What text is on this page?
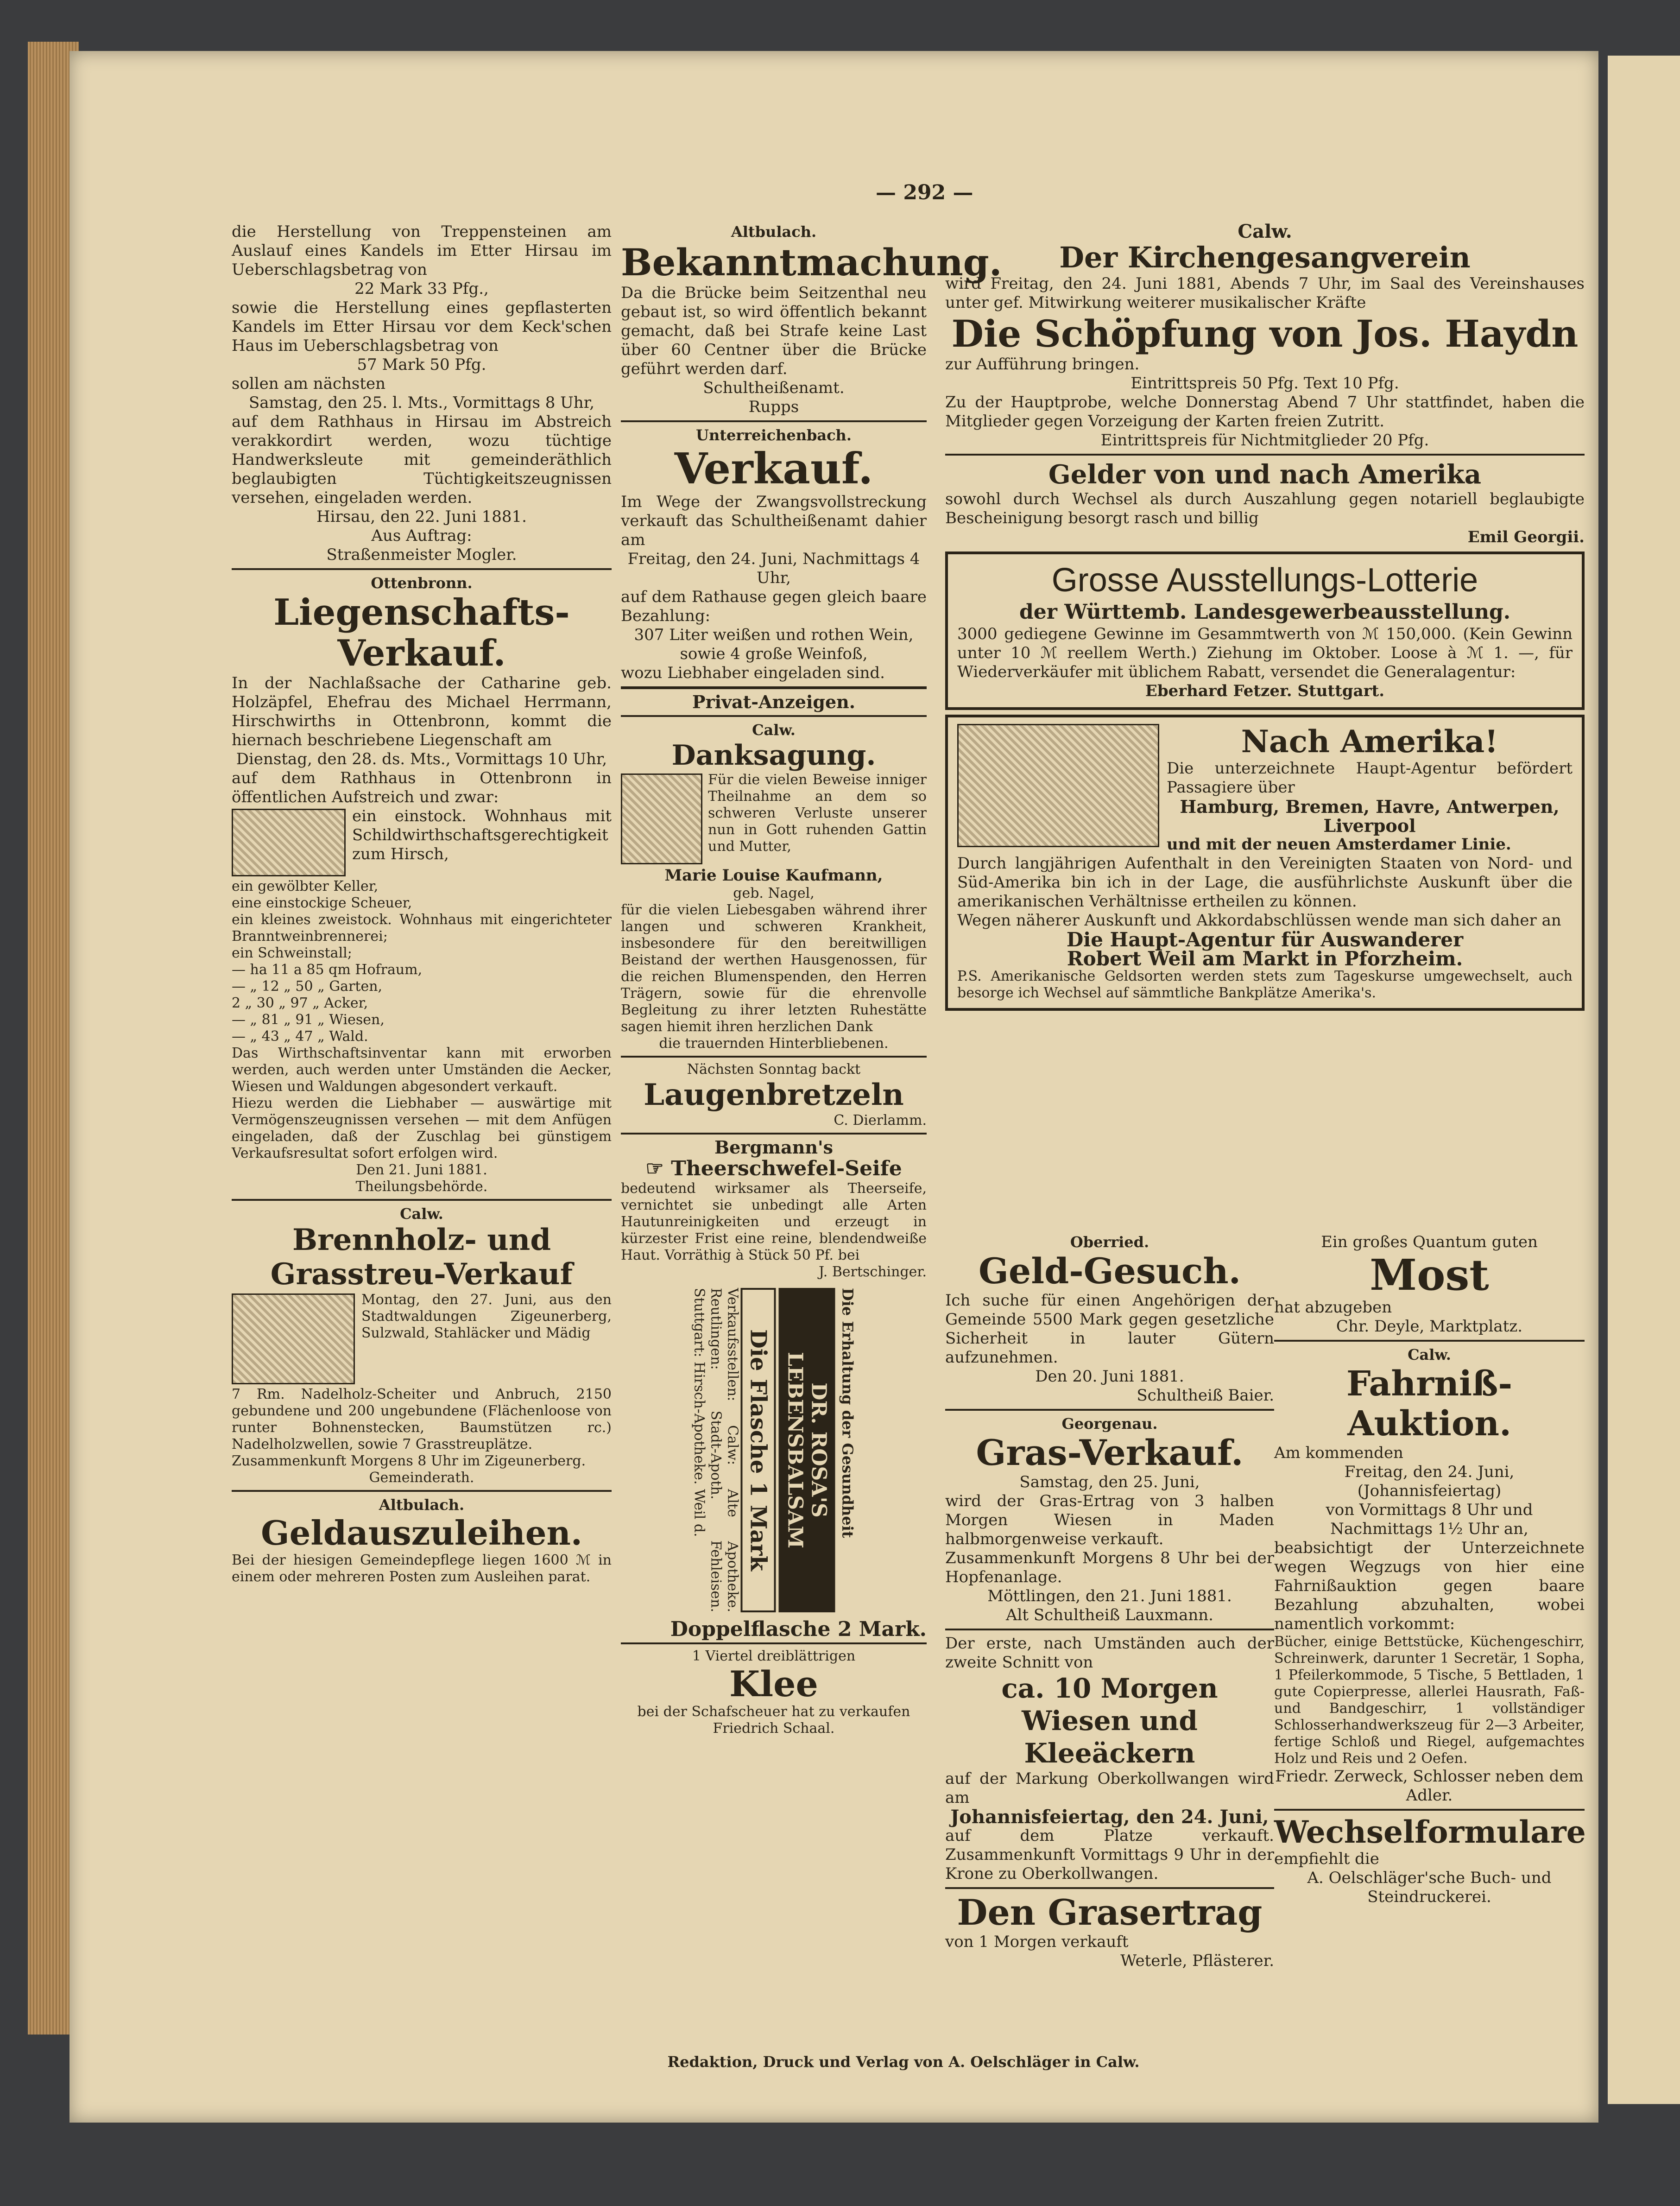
— 292 —

die Herstellung von Treppensteinen am Auslauf eines Kandels im Etter Hirsau im Ueberschlagsbetrag von

22 Mark 33 Pfg.,

sowie die Herstellung eines gepflasterten Kandels im Etter Hirsau vor dem Keck'schen Haus im Ueberschlagsbetrag von

57 Mark 50 Pfg.

sollen am nächsten

Samstag, den 25. l. Mts., Vormittags 8 Uhr,

auf dem Rathhaus in Hirsau im Abstreich verakkordirt werden, wozu tüchtige Handwerksleute mit gemeinderäthlich beglaubigten Tüchtigkeitszeugnissen versehen, eingeladen werden.

Hirsau, den 22. Juni 1881.

Aus Auftrag:

Straßenmeister Mogler.

Ottenbronn.

Liegenschafts-Verkauf.

In der Nachlaßsache der Catharine geb. Holzäpfel, Ehefrau des Michael Herrmann, Hirschwirths in Ottenbronn, kommt die hiernach beschriebene Liegenschaft am

Dienstag, den 28. ds. Mts., Vormittags 10 Uhr,

auf dem Rathhaus in Ottenbronn in öffentlichen Aufstreich und zwar:

ein einstock. Wohnhaus mit Schildwirthschaftsgerechtigkeit zum Hirsch,

ein gewölbter Keller,

eine einstockige Scheuer,

ein kleines zweistock. Wohnhaus mit eingerichteter Branntweinbrennerei;

ein Schweinstall;

— ha 11 a 85 qm Hofraum,

— „ 12 „ 50 „ Garten,

2 „ 30 „ 97 „ Acker,

— „ 81 „ 91 „ Wiesen,

— „ 43 „ 47 „ Wald.

Das Wirthschaftsinventar kann mit erworben werden, auch werden unter Umständen die Aecker, Wiesen und Waldungen abgesondert verkauft.

Hiezu werden die Liebhaber — auswärtige mit Vermögenszeugnissen versehen — mit dem Anfügen eingeladen, daß der Zuschlag bei günstigem Verkaufsresultat sofort erfolgen wird.

Den 21. Juni 1881.

Theilungsbehörde.

Calw.

Brennholz- und Grasstreu-Verkauf

Montag, den 27. Juni, aus den Stadtwaldungen Zigeunerberg, Sulzwald, Stahläcker und Mädig

7 Rm. Nadelholz-Scheiter und Anbruch, 2150 gebundene und 200 ungebundene (Flächenloose von runter Bohnenstecken, Baumstützen rc.) Nadelholzwellen, sowie 7 Grasstreuplätze.

Zusammenkunft Morgens 8 Uhr im Zigeunerberg.

Gemeinderath.

Altbulach.

Geldauszuleihen.

Bei der hiesigen Gemeindepflege liegen 1600 ℳ in einem oder mehreren Posten zum Ausleihen parat.

Altbulach.

Bekanntmachung.

Da die Brücke beim Seitzenthal neu gebaut ist, so wird öffentlich bekannt gemacht, daß bei Strafe keine Last über 60 Centner über die Brücke geführt werden darf.

Schultheißenamt.

Rupps

Unterreichenbach.

Verkauf.

Im Wege der Zwangsvollstreckung verkauft das Schultheißenamt dahier am

Freitag, den 24. Juni, Nachmittags 4 Uhr,

auf dem Rathause gegen gleich baare Bezahlung:

307 Liter weißen und rothen Wein, sowie 4 große Weinfoß,

wozu Liebhaber eingeladen sind.

Privat-Anzeigen.

Calw.

Danksagung.

Für die vielen Beweise inniger Theilnahme an dem so schweren Verluste unserer nun in Gott ruhenden Gattin und Mutter,

Marie Louise Kaufmann,

geb. Nagel,

für die vielen Liebesgaben während ihrer langen und schweren Krankheit, insbesondere für den bereitwilligen Beistand der werthen Hausgenossen, für die reichen Blumenspenden, den Herren Trägern, sowie für die ehrenvolle Begleitung zu ihrer letzten Ruhestätte sagen hiemit ihren herzlichen Dank

die trauernden Hinterbliebenen.

Nächsten Sonntag backt

Laugenbretzeln

C. Dierlamm.

Bergmann's

☞ Theerschwefel-Seife

bedeutend wirksamer als Theerseife, vernichtet sie unbedingt alle Arten Hautunreinigkeiten und erzeugt in kürzester Frist eine reine, blendendweiße Haut. Vorräthig à Stück 50 Pf. bei

J. Bertschinger.

Die Erhaltung der Gesundheit

DR. ROSA'S LEBENSBALSAM
Die Flasche 1 Mark

Verkaufsstellen: Calw: Alte Apotheke. Reutlingen: Stadt-Apoth. Fehleisen. Stuttgart: Hirsch-Apotheke. Weil d.

Doppelflasche 2 Mark.

1 Viertel dreiblättrigen

Klee

bei der Schafscheuer hat zu verkaufen

Friedrich Schaal.

Calw.

Der Kirchengesangverein

wird Freitag, den 24. Juni 1881, Abends 7 Uhr, im Saal des Vereinshauses unter gef. Mitwirkung weiterer musikalischer Kräfte

Die Schöpfung von Jos. Haydn

zur Aufführung bringen.

Eintrittspreis 50 Pfg. Text 10 Pfg.

Zu der Hauptprobe, welche Donnerstag Abend 7 Uhr stattfindet, haben die Mitglieder gegen Vorzeigung der Karten freien Zutritt.

Eintrittspreis für Nichtmitglieder 20 Pfg.

Gelder von und nach Amerika

sowohl durch Wechsel als durch Auszahlung gegen notariell beglaubigte Bescheinigung besorgt rasch und billig

Emil Georgii.

Grosse Ausstellungs-Lotterie
der Württemb. Landesgewerbeausstellung.

3000 gediegene Gewinne im Gesammtwerth von ℳ 150,000. (Kein Gewinn unter 10 ℳ reellem Werth.) Ziehung im Oktober. Loose à ℳ 1. —, für Wiederverkäufer mit üblichem Rabatt, versendet die Generalagentur:

Eberhard Fetzer. Stuttgart.

Nach Amerika!

Die unterzeichnete Haupt-Agentur befördert Passagiere über

Hamburg, Bremen, Havre, Antwerpen, Liverpool

und mit der neuen Amsterdamer Linie.

Durch langjährigen Aufenthalt in den Vereinigten Staaten von Nord- und Süd-Amerika bin ich in der Lage, die ausführlichste Auskunft über die amerikanischen Verhältnisse ertheilen zu können.

Wegen näherer Auskunft und Akkordabschlüssen wende man sich daher an

Die Haupt-Agentur für Auswanderer

Robert Weil am Markt in Pforzheim.

P.S. Amerikanische Geldsorten werden stets zum Tageskurse umgewechselt, auch besorge ich Wechsel auf sämmtliche Bankplätze Amerika's.

Oberried.

Geld-Gesuch.

Ich suche für einen Angehörigen der Gemeinde 5500 Mark gegen gesetzliche Sicherheit in lauter Gütern aufzunehmen.

Den 20. Juni 1881.

Schultheiß Baier.

Georgenau.

Gras-Verkauf.

Samstag, den 25. Juni,

wird der Gras-Ertrag von 3 halben Morgen Wiesen in Maden halbmorgenweise verkauft.

Zusammenkunft Morgens 8 Uhr bei der Hopfenanlage.

Möttlingen, den 21. Juni 1881.

Alt Schultheiß Lauxmann.

Der erste, nach Umständen auch der zweite Schnitt von

ca. 10 Morgen Wiesen und Kleeäckern

auf der Markung Oberkollwangen wird am

Johannisfeiertag, den 24. Juni,

auf dem Platze verkauft. Zusammenkunft Vormittags 9 Uhr in der Krone zu Oberkollwangen.

Den Grasertrag

von 1 Morgen verkauft

Weterle, Pflästerer.

Ein großes Quantum guten

Most

hat abzugeben

Chr. Deyle, Marktplatz.

Calw.

Fahrniß-Auktion.

Am kommenden

Freitag, den 24. Juni, (Johannisfeiertag)

von Vormittags 8 Uhr und Nachmittags 1½ Uhr an,

beabsichtigt der Unterzeichnete wegen Wegzugs von hier eine Fahrnißauktion gegen baare Bezahlung abzuhalten, wobei namentlich vorkommt:

Bücher, einige Bettstücke, Küchengeschirr, Schreinwerk, darunter 1 Secretär, 1 Sopha, 1 Pfeilerkommode, 5 Tische, 5 Bettladen, 1 gute Copierpresse, allerlei Hausrath, Faß- und Bandgeschirr, 1 vollständiger Schlosserhandwerkszeug für 2—3 Arbeiter, fertige Schloß und Riegel, aufgemachtes Holz und Reis und 2 Oefen.

Friedr. Zerweck, Schlosser neben dem Adler.

Wechselformulare

empfiehlt die

A. Oelschläger'sche Buch- und Steindruckerei.

Redaktion, Druck und Verlag von A. Oelschläger in Calw.
